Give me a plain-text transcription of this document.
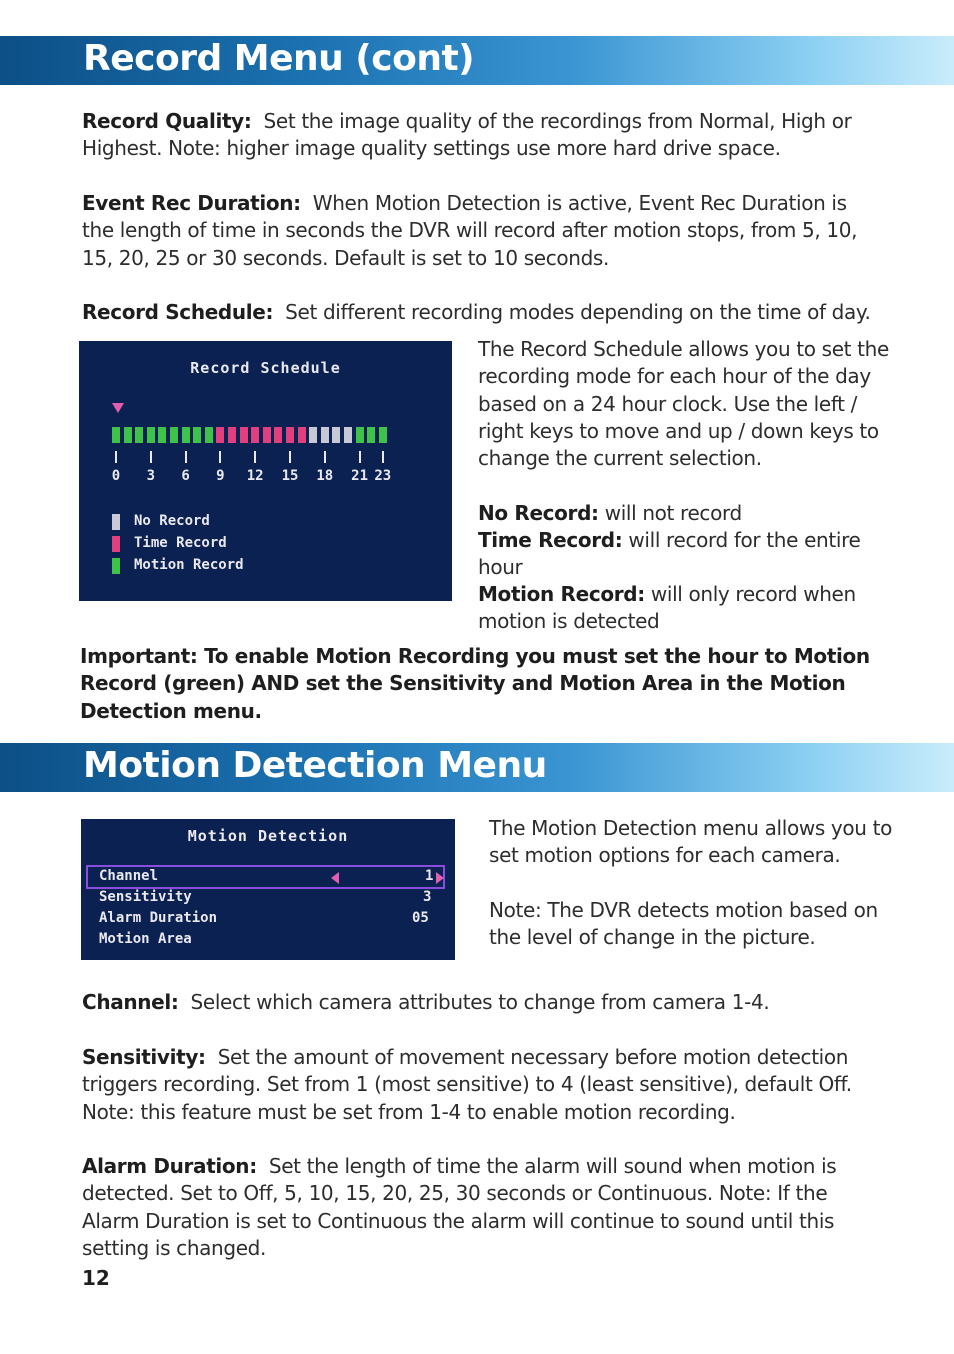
Record Menu (cont)
Record Quality: Set the image quality of the recordings from Normal, High or Highest. Note: higher image quality settings use more hard drive space.
Event Rec Duration: When Motion Detection is active, Event Rec Duration is the length of time in seconds the DVR will record after motion stops, from 5, 10, 15, 20, 25 or 30 seconds. Default is set to 10 seconds.
Record Schedule: Set different recording modes depending on the time of day.
Record Schedule
0	3	6	9	12	15	18	21 23
No Record
Time Record
Motion Record
The Record Schedule allows you to set the recording mode for each hour of the day based on a 24 hour clock. Use the left / right keys to move and up / down keys to change the current selection.
No Record: will not record
Time Record: will record for the entire hour
Motion Record: will only record when motion is detected
Important: To enable Motion Recording you must set the hour to Motion Record (green) AND set the Sensitivity and Motion Area in the Motion Detection menu.
Motion Detection Menu
Motion Detection
Channel	1
Sensitivity	3
Alarm Duration	05
Motion Area
The Motion Detection menu allows you to set motion options for each camera.
Note: The DVR detects motion based on the level of change in the picture.
Channel: Select which camera attributes to change from camera 1-4.
Sensitivity: Set the amount of movement necessary before motion detection triggers recording. Set from 1 (most sensitive) to 4 (least sensitive), default Off. Note: this feature must be set from 1-4 to enable motion recording.
Alarm Duration: Set the length of time the alarm will sound when motion is detected. Set to Off, 5, 10, 15, 20, 25, 30 seconds or Continuous. Note: If the Alarm Duration is set to Continuous the alarm will continue to sound until this setting is changed.
12
